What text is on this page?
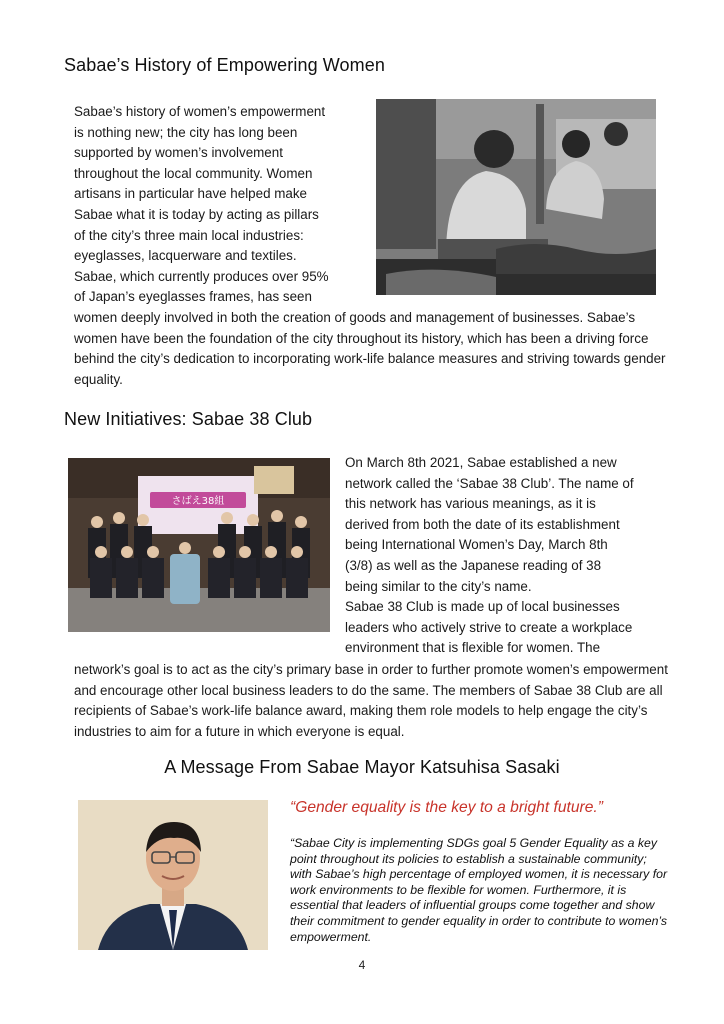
Sabae’s History of Empowering Women
Sabae’s history of women’s empowerment
is nothing new; the city has long been
supported by women’s involvement
throughout the local community. Women
artisans in particular have helped make
Sabae what it is today by acting as pillars
of the city’s three main local industries:
eyeglasses, lacquerware and textiles.
Sabae, which currently produces over 95%
of Japan’s eyeglasses frames, has seen
women deeply involved in both the creation of goods and management of businesses. Sabae’s women have been the foundation of the city throughout its history, which has been a driving force behind the city’s dedication to incorporating work-life balance measures and striving towards gender equality.
New Initiatives: Sabae 38 Club
さばえ38組
On March 8th 2021, Sabae established a new
network called the ‘Sabae 38 Club’. The name of
this network has various meanings, as it is
derived from both the date of its establishment
being International Women’s Day, March 8th
(3/8) as well as the Japanese reading of 38
being similar to the city’s name.
Sabae 38 Club is made up of local businesses
leaders who actively strive to create a workplace
environment that is flexible for women. The
network’s goal is to act as the city’s primary base in order to further promote women’s empowerment and encourage other local business leaders to do the same. The members of Sabae 38 Club are all recipients of Sabae’s work-life balance award, making them role models to help engage the city’s industries to aim for a future in which everyone is equal.
A Message From Sabae Mayor Katsuhisa Sasaki
“Gender equality is the key to a bright future.”
“Sabae City is implementing SDGs goal 5 Gender Equality as a key point throughout its policies to establish a sustainable community; with Sabae’s high percentage of employed women, it is necessary for work environments to be flexible for women. Furthermore, it is essential that leaders of influential groups come together and show their commitment to gender equality in order to contribute to women’s empowerment.
4
